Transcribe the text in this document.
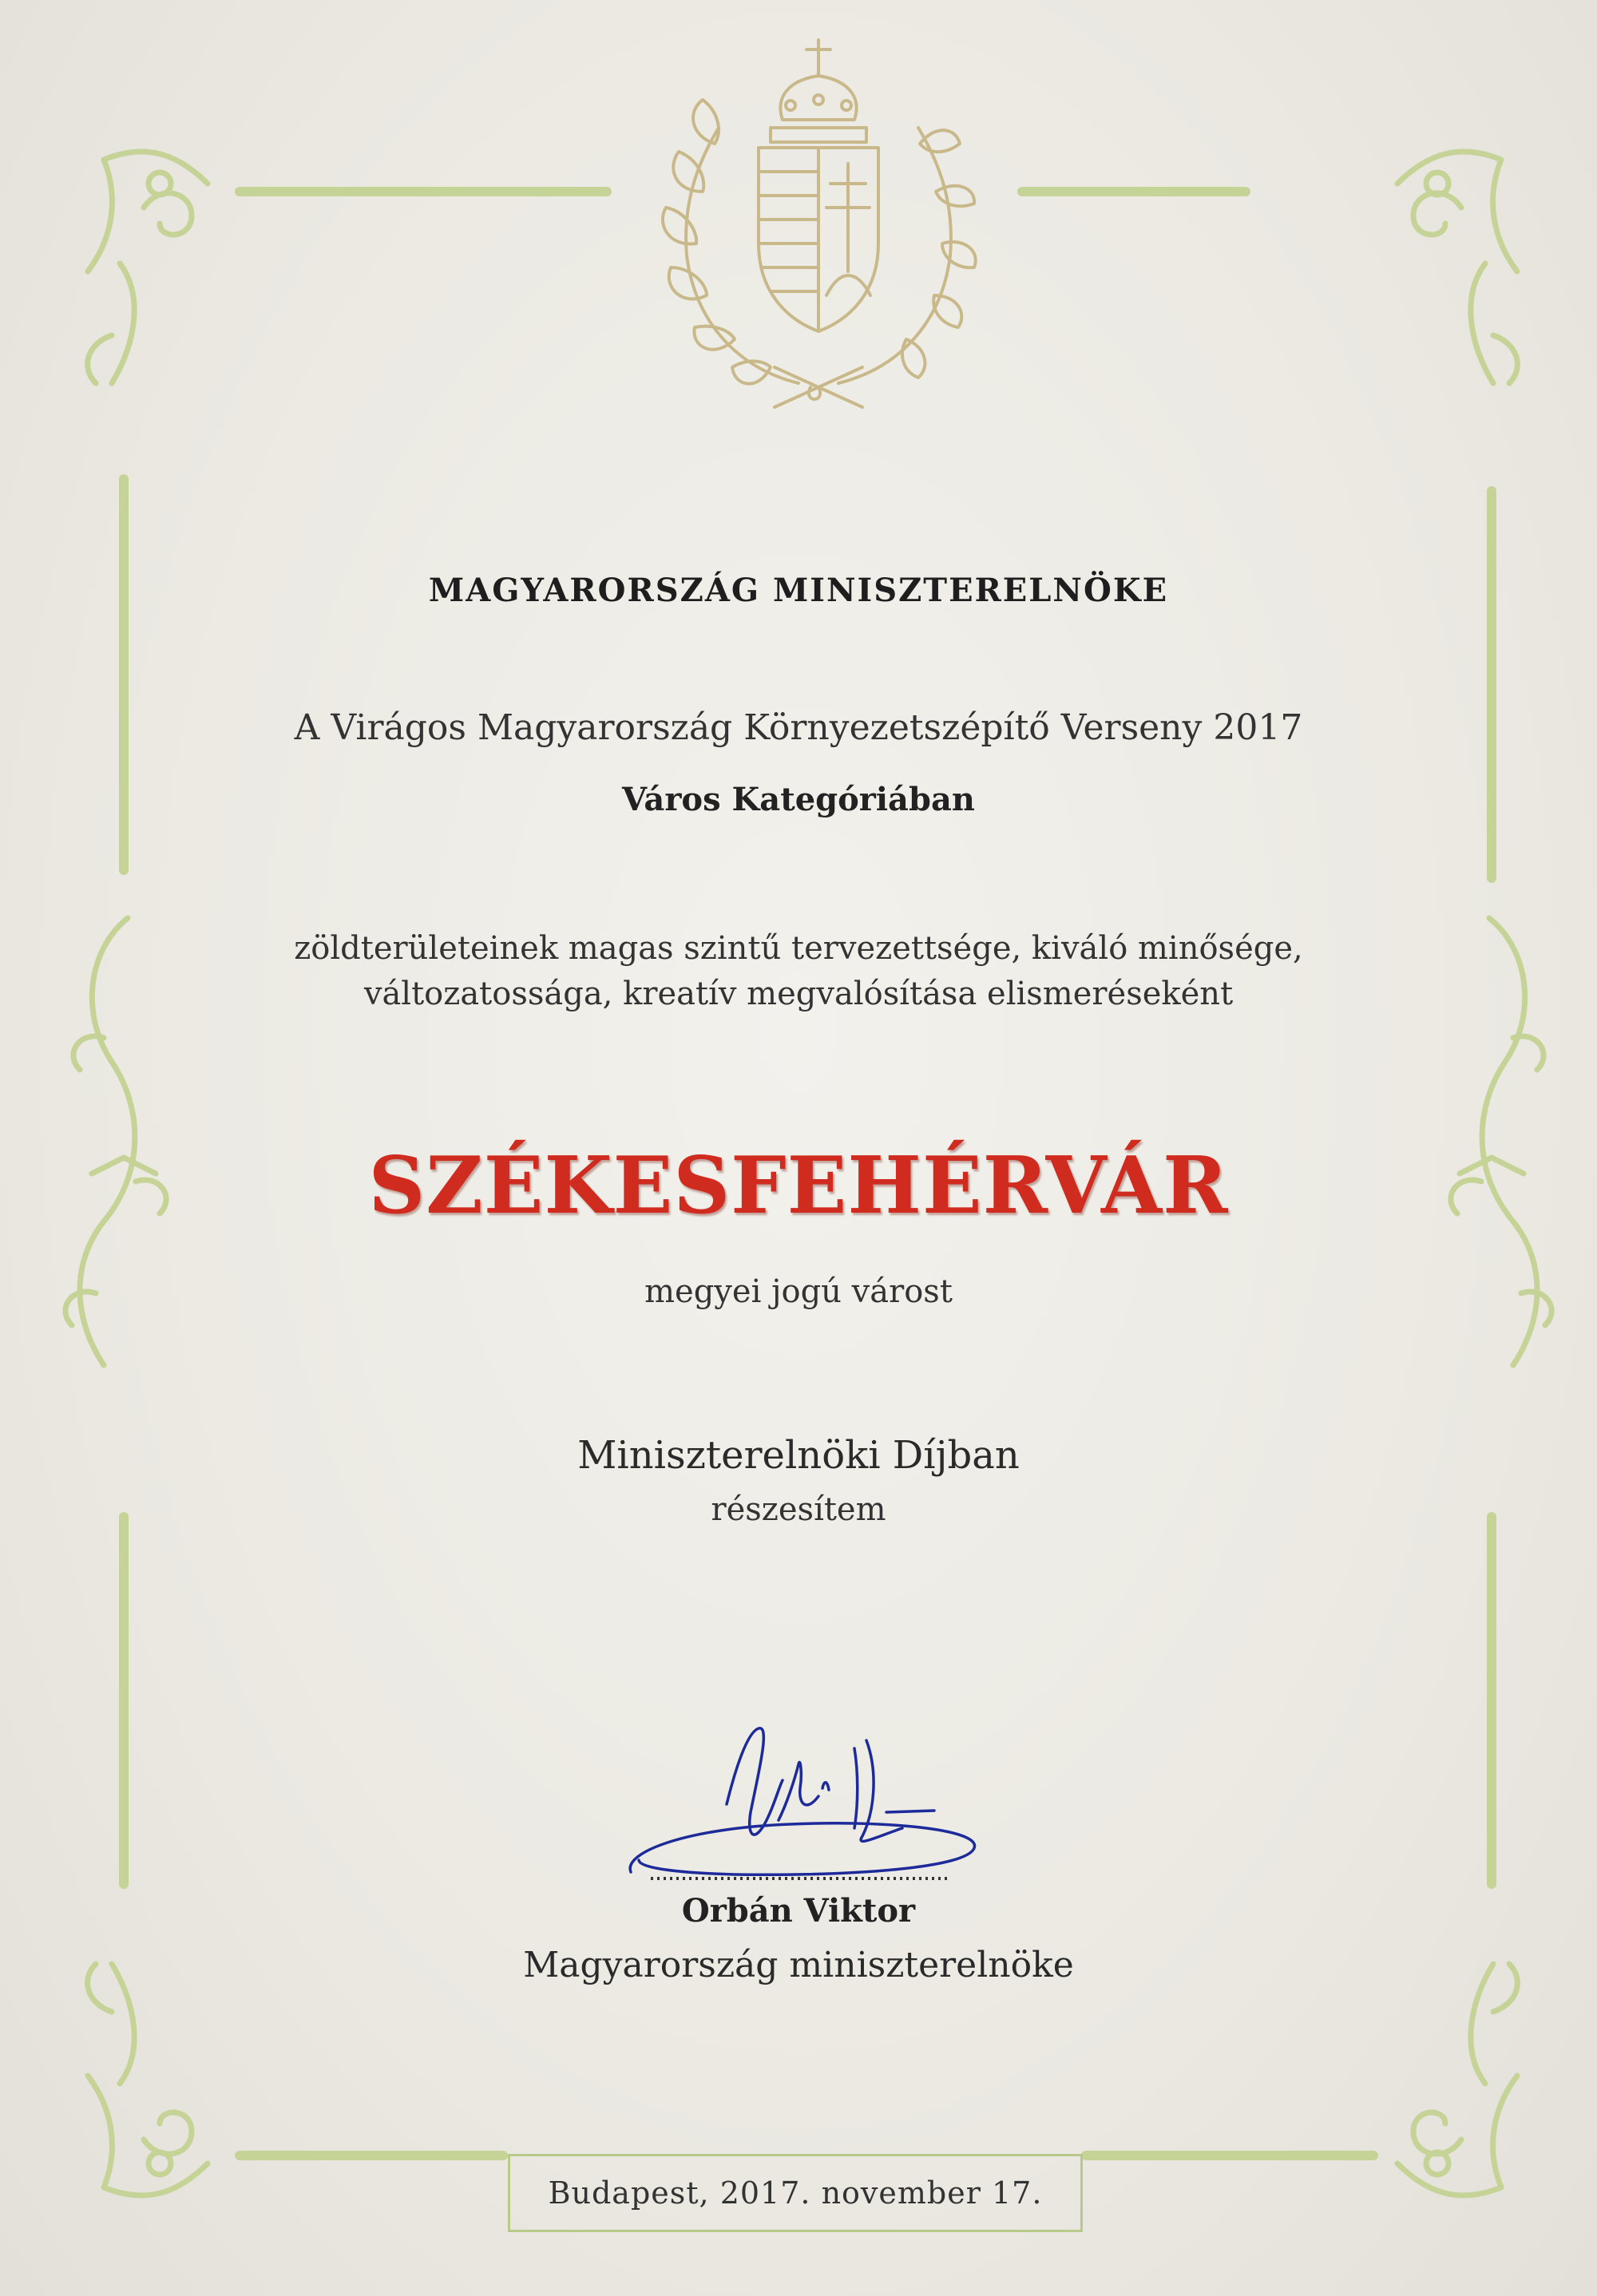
MAGYARORSZÁG MINISZTERELNÖKE

A Virágos Magyarország Környezetszépítő Verseny 2017

Város Kategóriában

zöldterületeinek magas szintű tervezettsége, kiváló minősége,

változatossága, kreatív megvalósítása elismeréseként

SZÉKESFEHÉRVÁR

megyei jogú várost

Miniszterelnöki Díjban

részesítem

Orbán Viktor

Magyarország miniszterelnöke

Budapest, 2017. november 17.
